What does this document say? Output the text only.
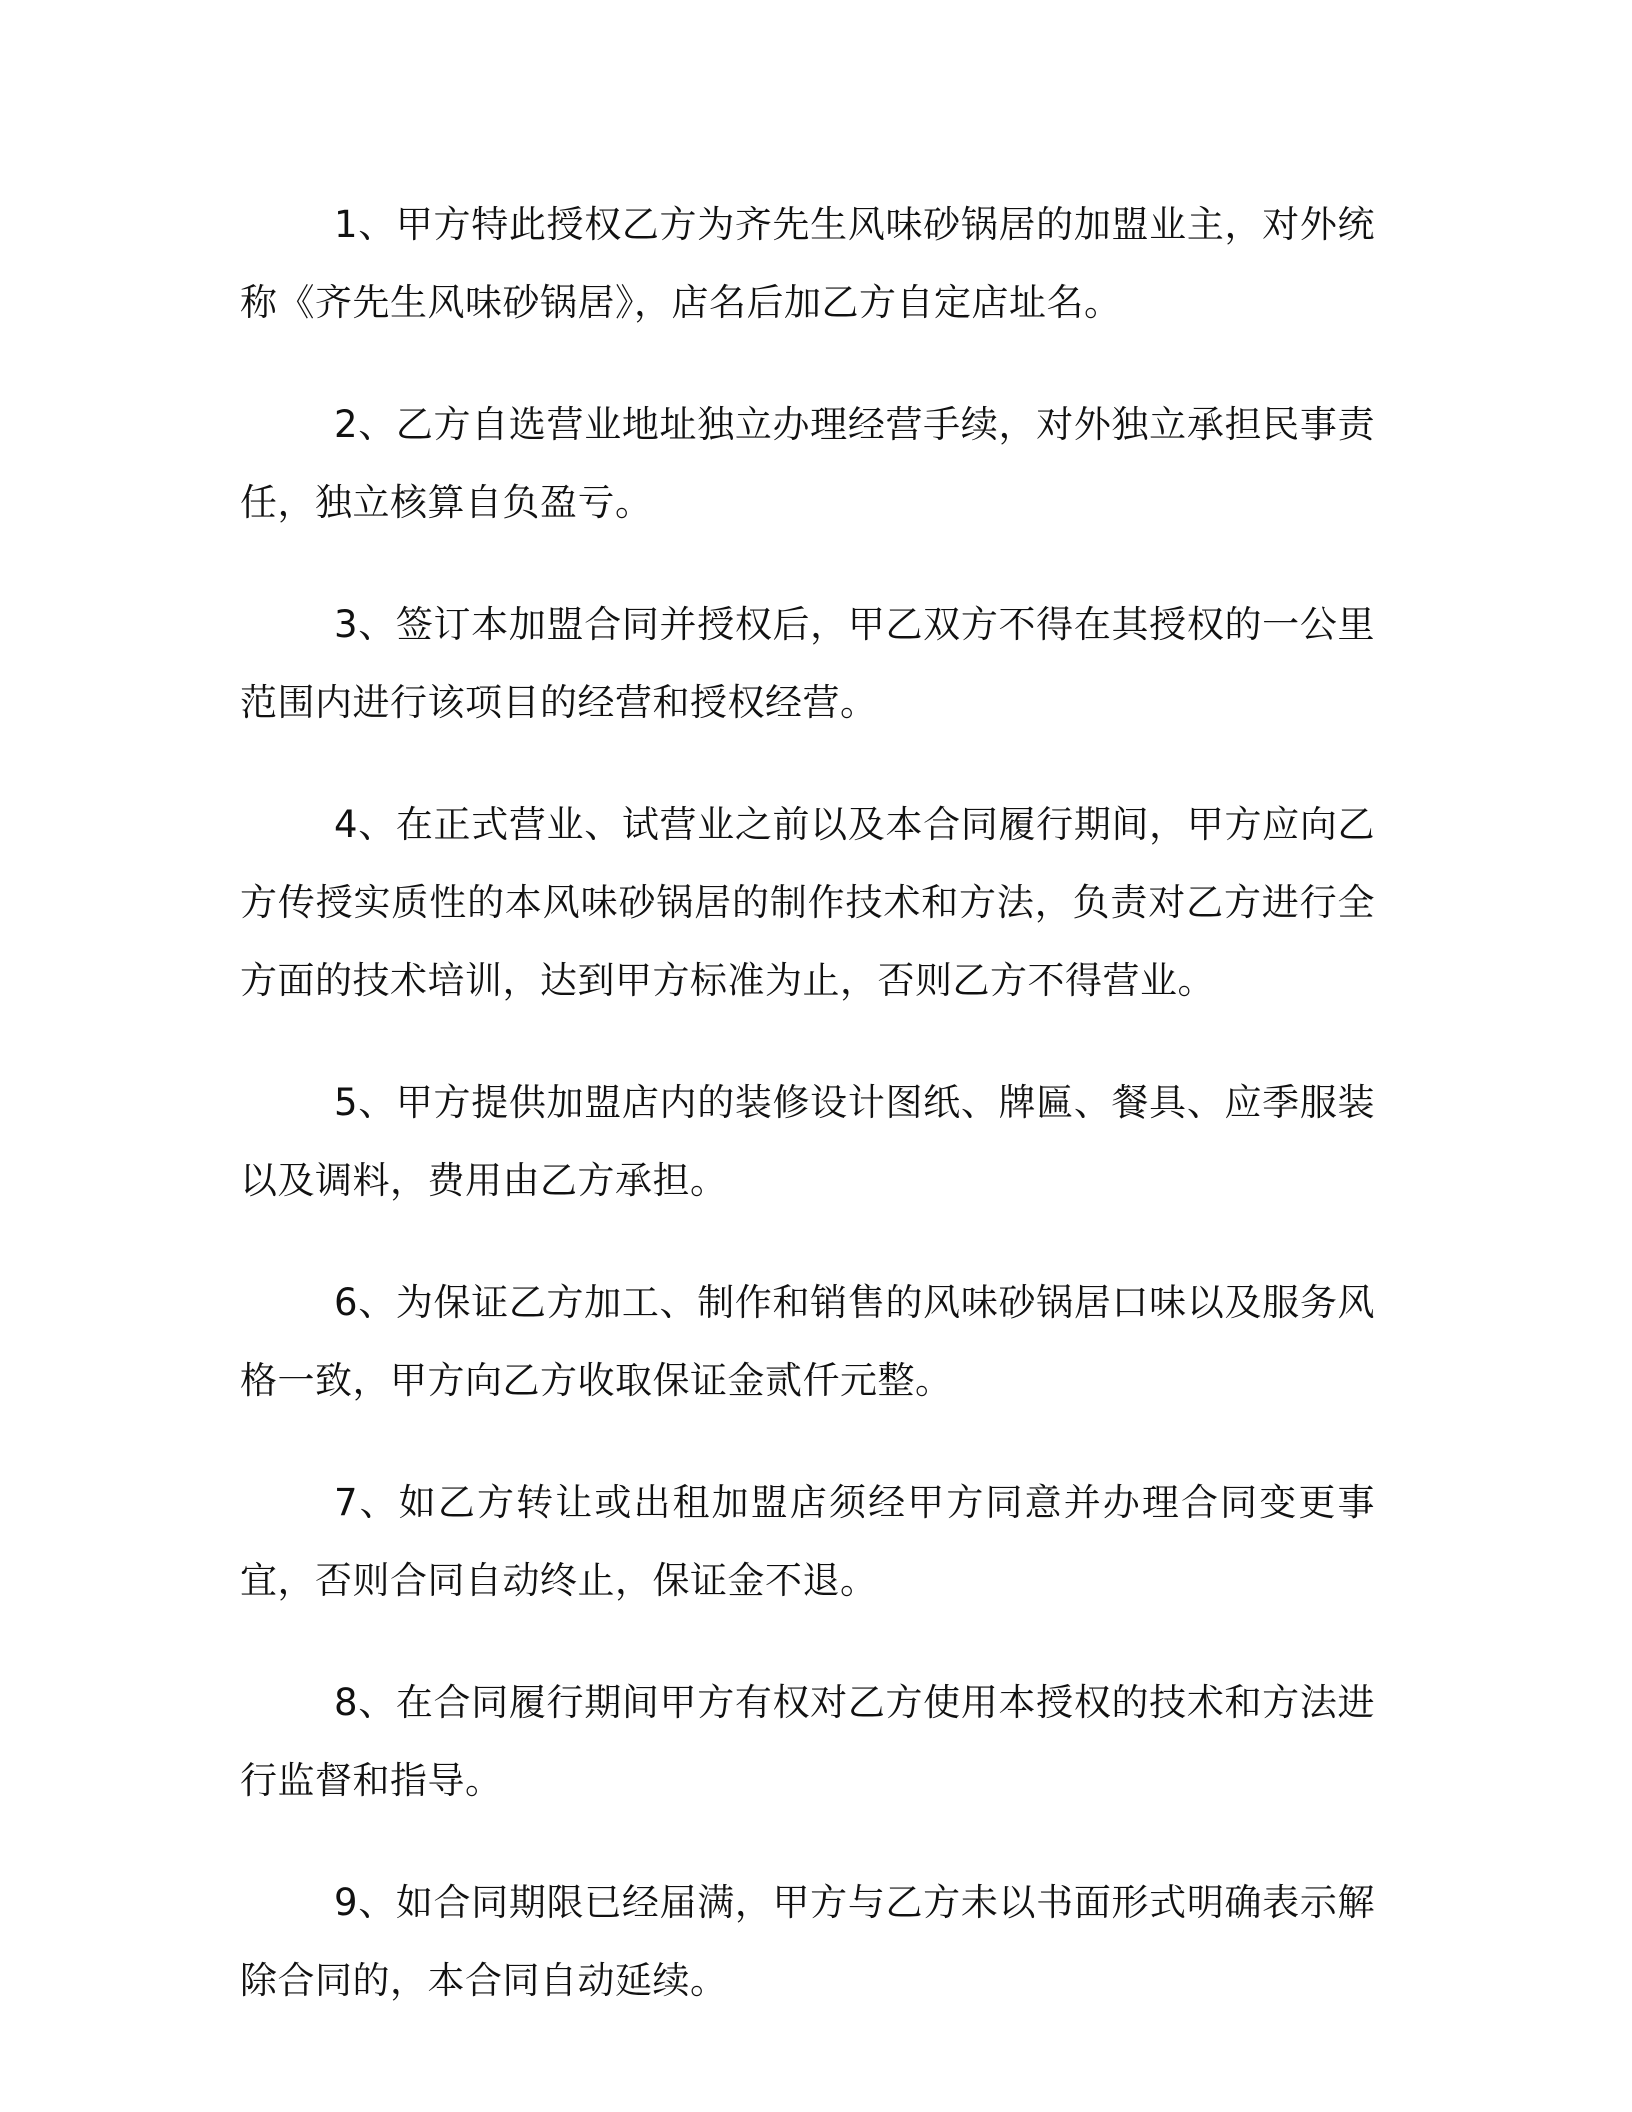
1、甲方特此授权乙方为齐先生风味砂锅居的加盟业主，对外统称《齐先生风味砂锅居》，店名后加乙方自定店址名。

2、乙方自选营业地址独立办理经营手续，对外独立承担民事责任，独立核算自负盈亏。

3、签订本加盟合同并授权后，甲乙双方不得在其授权的一公里范围内进行该项目的经营和授权经营。

4、在正式营业、试营业之前以及本合同履行期间，甲方应向乙方传授实质性的本风味砂锅居的制作技术和方法，负责对乙方进行全方面的技术培训，达到甲方标准为止，否则乙方不得营业。

5、甲方提供加盟店内的装修设计图纸、牌匾、餐具、应季服装以及调料，费用由乙方承担。

6、为保证乙方加工、制作和销售的风味砂锅居口味以及服务风格一致，甲方向乙方收取保证金贰仟元整。

7、如乙方转让或出租加盟店须经甲方同意并办理合同变更事宜，否则合同自动终止，保证金不退。

8、在合同履行期间甲方有权对乙方使用本授权的技术和方法进行监督和指导。

9、如合同期限已经届满，甲方与乙方未以书面形式明确表示解除合同的，本合同自动延续。
